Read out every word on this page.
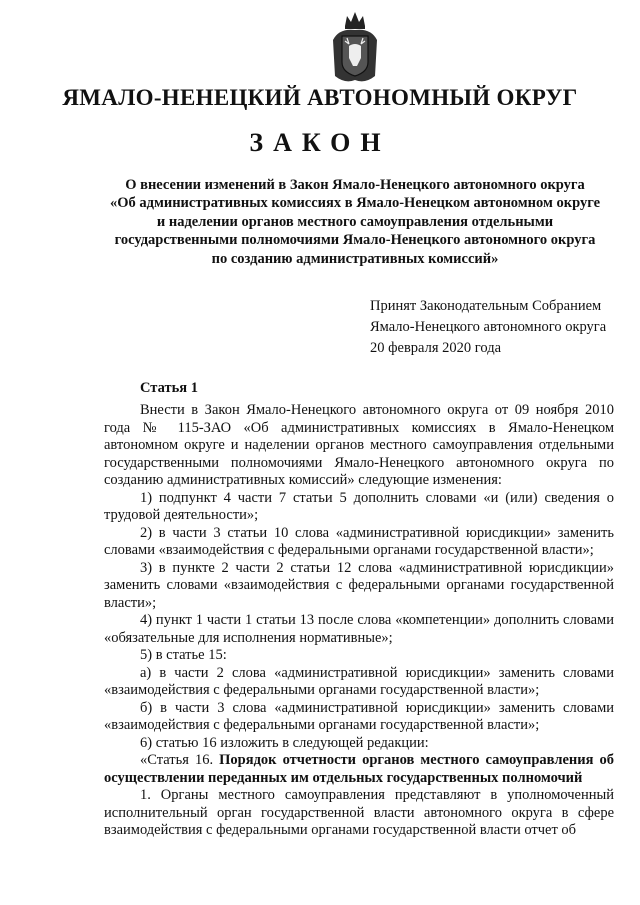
ЯМАЛО-НЕНЕЦКИЙ АВТОНОМНЫЙ ОКРУГ
ЗАКОН
О внесении изменений в Закон Ямало-Ненецкого автономного округа
«Об административных комиссиях в Ямало-Ненецком автономном округе
и наделении органов местного самоуправления отдельными
государственными полномочиями Ямало-Ненецкого автономного округа
по созданию административных комиссий»
Принят Законодательным Собранием
Ямало-Ненецкого автономного округа
20 февраля 2020 года
Статья 1

Внести в Закон Ямало-Ненецкого автономного округа от 09 ноября 2010 года № 115-ЗАО «Об административных комиссиях в Ямало-Ненецком автономном округе и наделении органов местного самоуправления отдельными государственными полномочиями Ямало-Ненецкого автономного округа по созданию административных комиссий» следующие изменения:

1) подпункт 4 части 7 статьи 5 дополнить словами «и (или) сведения о трудовой деятельности»;

2) в части 3 статьи 10 слова «административной юрисдикции» заменить словами «взаимодействия с федеральными органами государственной власти»;

3) в пункте 2 части 2 статьи 12 слова «административной юрисдикции» заменить словами «взаимодействия с федеральными органами государственной власти»;

4) пункт 1 части 1 статьи 13 после слова «компетенции» дополнить словами «обязательные для исполнения нормативные»;

5) в статье 15:

а) в части 2 слова «административной юрисдикции» заменить словами «взаимодействия с федеральными органами государственной власти»;

б) в части 3 слова «административной юрисдикции» заменить словами «взаимодействия с федеральными органами государственной власти»;

6) статью 16 изложить в следующей редакции:

«Статья 16. Порядок отчетности органов местного самоуправления об осуществлении переданных им отдельных государственных полномочий

1. Органы местного самоуправления представляют в уполномоченный исполнительный орган государственной власти автономного округа в сфере взаимодействия с федеральными органами государственной власти отчет об
